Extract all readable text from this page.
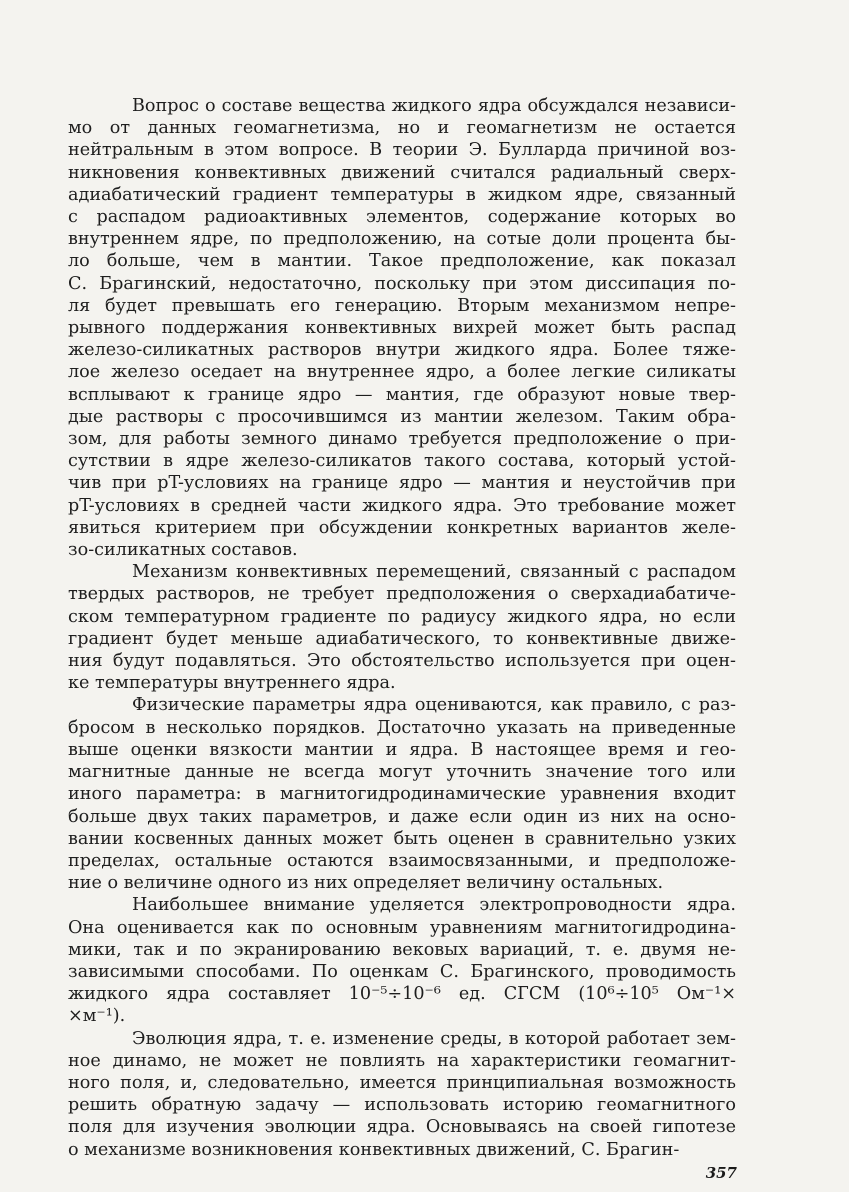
Вопрос о составе вещества жидкого ядра обсуждался независи-
мо от данных геомагнетизма, но и геомагнетизм не остается
нейтральным в этом вопросе. В теории Э. Булларда причиной воз-
никновения конвективных движений считался радиальный сверх-
адиабатический градиент температуры в жидком ядре, связанный
с распадом радиоактивных элементов, содержание которых во
внутреннем ядре, по предположению, на сотые доли процента бы-
ло больше, чем в мантии. Такое предположение, как показал
С. Брагинский, недостаточно, поскольку при этом диссипация по-
ля будет превышать его генерацию. Вторым механизмом непре-
рывного поддержания конвективных вихрей может быть распад
железо-силикатных растворов внутри жидкого ядра. Более тяже-
лое железо оседает на внутреннее ядро, а более легкие силикаты
всплывают к границе ядро — мантия, где образуют новые твер-
дые растворы с просочившимся из мантии железом. Таким обра-
зом, для работы земного динамо требуется предположение о при-
сутствии в ядре железо-силикатов такого состава, который устой-
чив при pT-условиях на границе ядро — мантия и неустойчив при
pT-условиях в средней части жидкого ядра. Это требование может
явиться критерием при обсуждении конкретных вариантов желе-
зо-силикатных составов.
Механизм конвективных перемещений, связанный с распадом
твердых растворов, не требует предположения о сверхадиабатиче-
ском температурном градиенте по радиусу жидкого ядра, но если
градиент будет меньше адиабатического, то конвективные движе-
ния будут подавляться. Это обстоятельство используется при оцен-
ке температуры внутреннего ядра.
Физические параметры ядра оцениваются, как правило, с раз-
бросом в несколько порядков. Достаточно указать на приведенные
выше оценки вязкости мантии и ядра. В настоящее время и гео-
магнитные данные не всегда могут уточнить значение того или
иного параметра: в магнитогидродинамические уравнения входит
больше двух таких параметров, и даже если один из них на осно-
вании косвенных данных может быть оценен в сравнительно узких
пределах, остальные остаются взаимосвязанными, и предположе-
ние о величине одного из них определяет величину остальных.
Наибольшее внимание уделяется электропроводности ядра.
Она оценивается как по основным уравнениям магнитогидродина-
мики, так и по экранированию вековых вариаций, т. е. двумя не-
зависимыми способами. По оценкам С. Брагинского, проводимость
жидкого ядра составляет 10⁻⁵÷10⁻⁶ ед. СГСМ (10⁶÷10⁵ Ом⁻¹×
×м⁻¹).
Эволюция ядра, т. е. изменение среды, в которой работает зем-
ное динамо, не может не повлиять на характеристики геомагнит-
ного поля, и, следовательно, имеется принципиальная возможность
решить обратную задачу — использовать историю геомагнитного
поля для изучения эволюции ядра. Основываясь на своей гипотезе
о механизме возникновения конвективных движений, С. Брагин-
357
